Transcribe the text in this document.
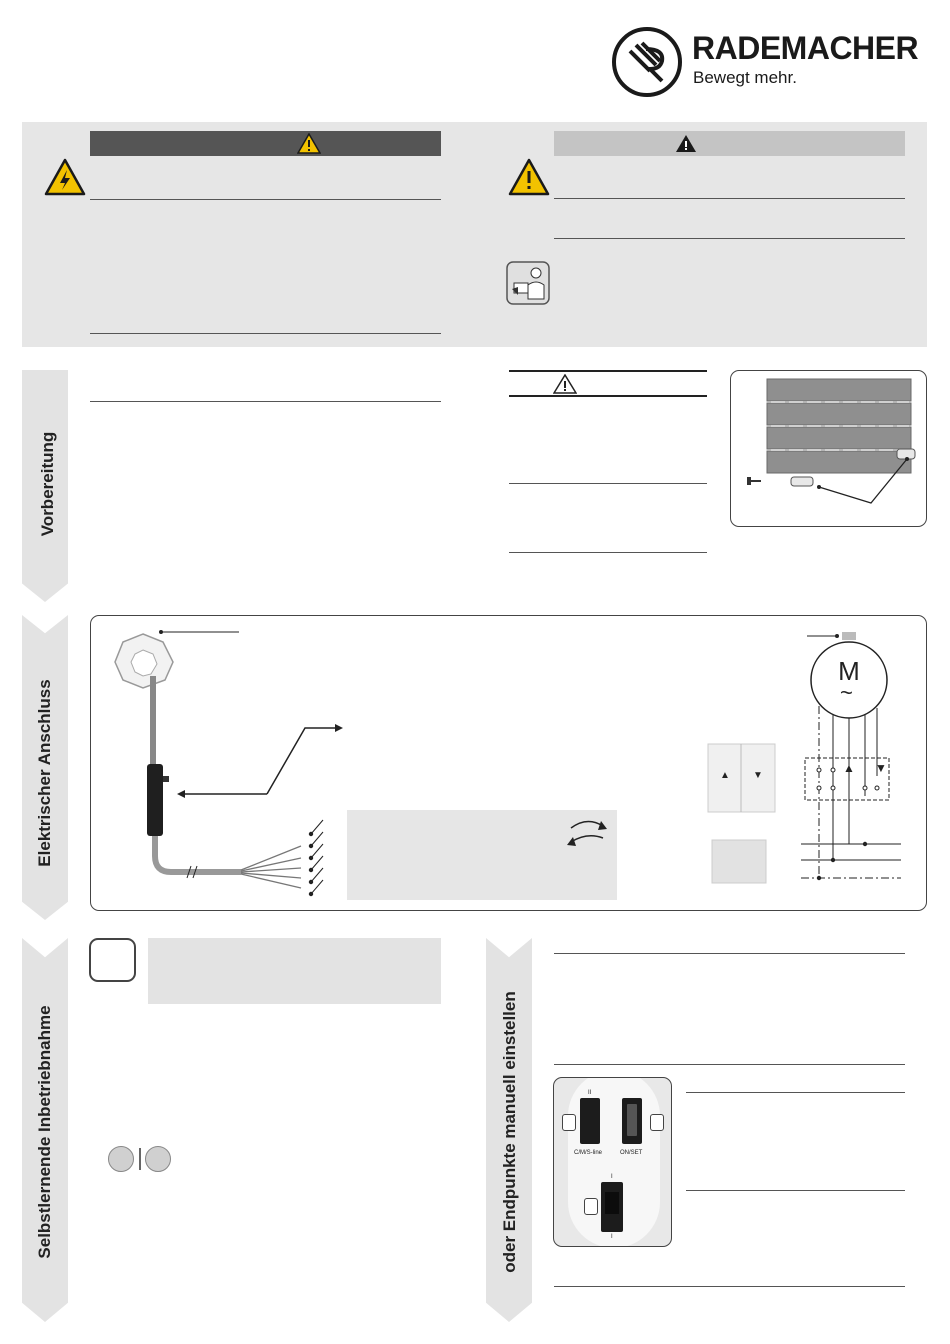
RADEMACHER
Bewegt mehr.
Vorbereitung
Elektrischer Anschluss
Selbstlernende Inbetriebnahme	oder Endpunkte manuell einstellen
M
~
▲ ▼
▲ ▼
II
C/M/S-line	ON/SET
I
I
